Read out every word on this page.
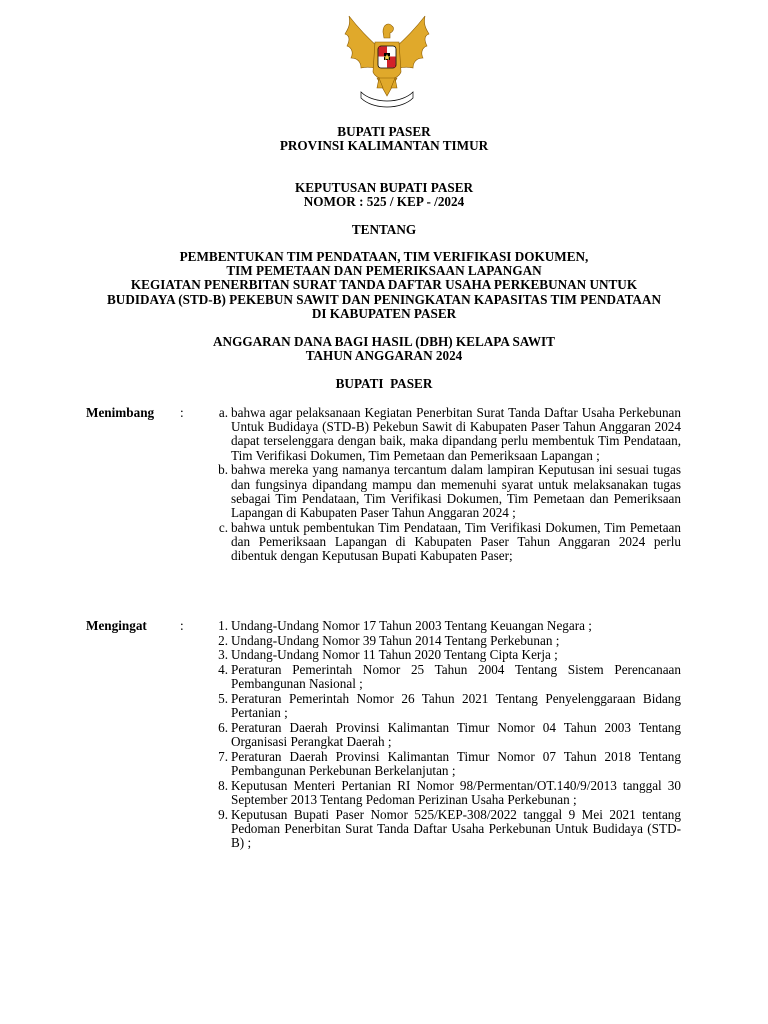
BUPATI PASER
PROVINSI KALIMANTAN TIMUR
KEPUTUSAN BUPATI PASER
NOMOR : 525 / KEP - /2024
TENTANG
PEMBENTUKAN TIM PENDATAAN, TIM VERIFIKASI DOKUMEN,
TIM PEMETAAN DAN PEMERIKSAAN LAPANGAN
KEGIATAN PENERBITAN SURAT TANDA DAFTAR USAHA PERKEBUNAN UNTUK
BUDIDAYA (STD-B) PEKEBUN SAWIT DAN PENINGKATAN KAPASITAS TIM PENDATAAN
DI KABUPATEN PASER
ANGGARAN DANA BAGI HASIL (DBH) KELAPA SAWIT
TAHUN ANGGARAN 2024
BUPATI  PASER
Menimbang :	a. bahwa agar pelaksanaan Kegiatan Penerbitan Surat Tanda Daftar Usaha Perkebunan Untuk Budidaya (STD-B) Pekebun Sawit di Kabupaten Paser Tahun Anggaran 2024 dapat terselenggara dengan baik, maka dipandang perlu membentuk Tim Pendataan, Tim Verifikasi Dokumen, Tim Pemetaan dan Pemeriksaan Lapangan ;
b. bahwa mereka yang namanya tercantum dalam lampiran Keputusan ini sesuai tugas dan fungsinya dipandang mampu dan memenuhi syarat untuk melaksanakan tugas sebagai Tim Pendataan, Tim Verifikasi Dokumen, Tim Pemetaan dan Pemeriksaan Lapangan di Kabupaten Paser Tahun Anggaran 2024 ;
c. bahwa untuk pembentukan Tim Pendataan, Tim Verifikasi Dokumen, Tim Pemetaan dan Pemeriksaan Lapangan di Kabupaten Paser Tahun Anggaran 2024 perlu dibentuk dengan Keputusan Bupati Kabupaten Paser;
Mengingat	:	1. Undang-Undang Nomor 17 Tahun 2003 Tentang Keuangan Negara ;
2. Undang-Undang Nomor 39 Tahun 2014 Tentang Perkebunan ;
3. Undang-Undang Nomor 11 Tahun 2020 Tentang Cipta Kerja ;
4. Peraturan Pemerintah Nomor 25 Tahun 2004 Tentang Sistem Perencanaan Pembangunan Nasional ;
5. Peraturan Pemerintah Nomor 26 Tahun 2021 Tentang Penyelenggaraan Bidang Pertanian ;
6. Peraturan Daerah Provinsi Kalimantan Timur Nomor 04 Tahun 2003 Tentang Organisasi Perangkat Daerah ;
7. Peraturan Daerah Provinsi Kalimantan Timur Nomor 07 Tahun 2018 Tentang Pembangunan Perkebunan Berkelanjutan ;
8. Keputusan Menteri Pertanian RI Nomor 98/Permentan/OT.140/9/2013 tanggal 30 September 2013 Tentang Pedoman Perizinan Usaha Perkebunan ;
9. Keputusan Bupati Paser Nomor 525/KEP-308/2022 tanggal 9 Mei 2021 tentang Pedoman Penerbitan Surat Tanda Daftar Usaha Perkebunan Untuk Budidaya (STD-B) ;
